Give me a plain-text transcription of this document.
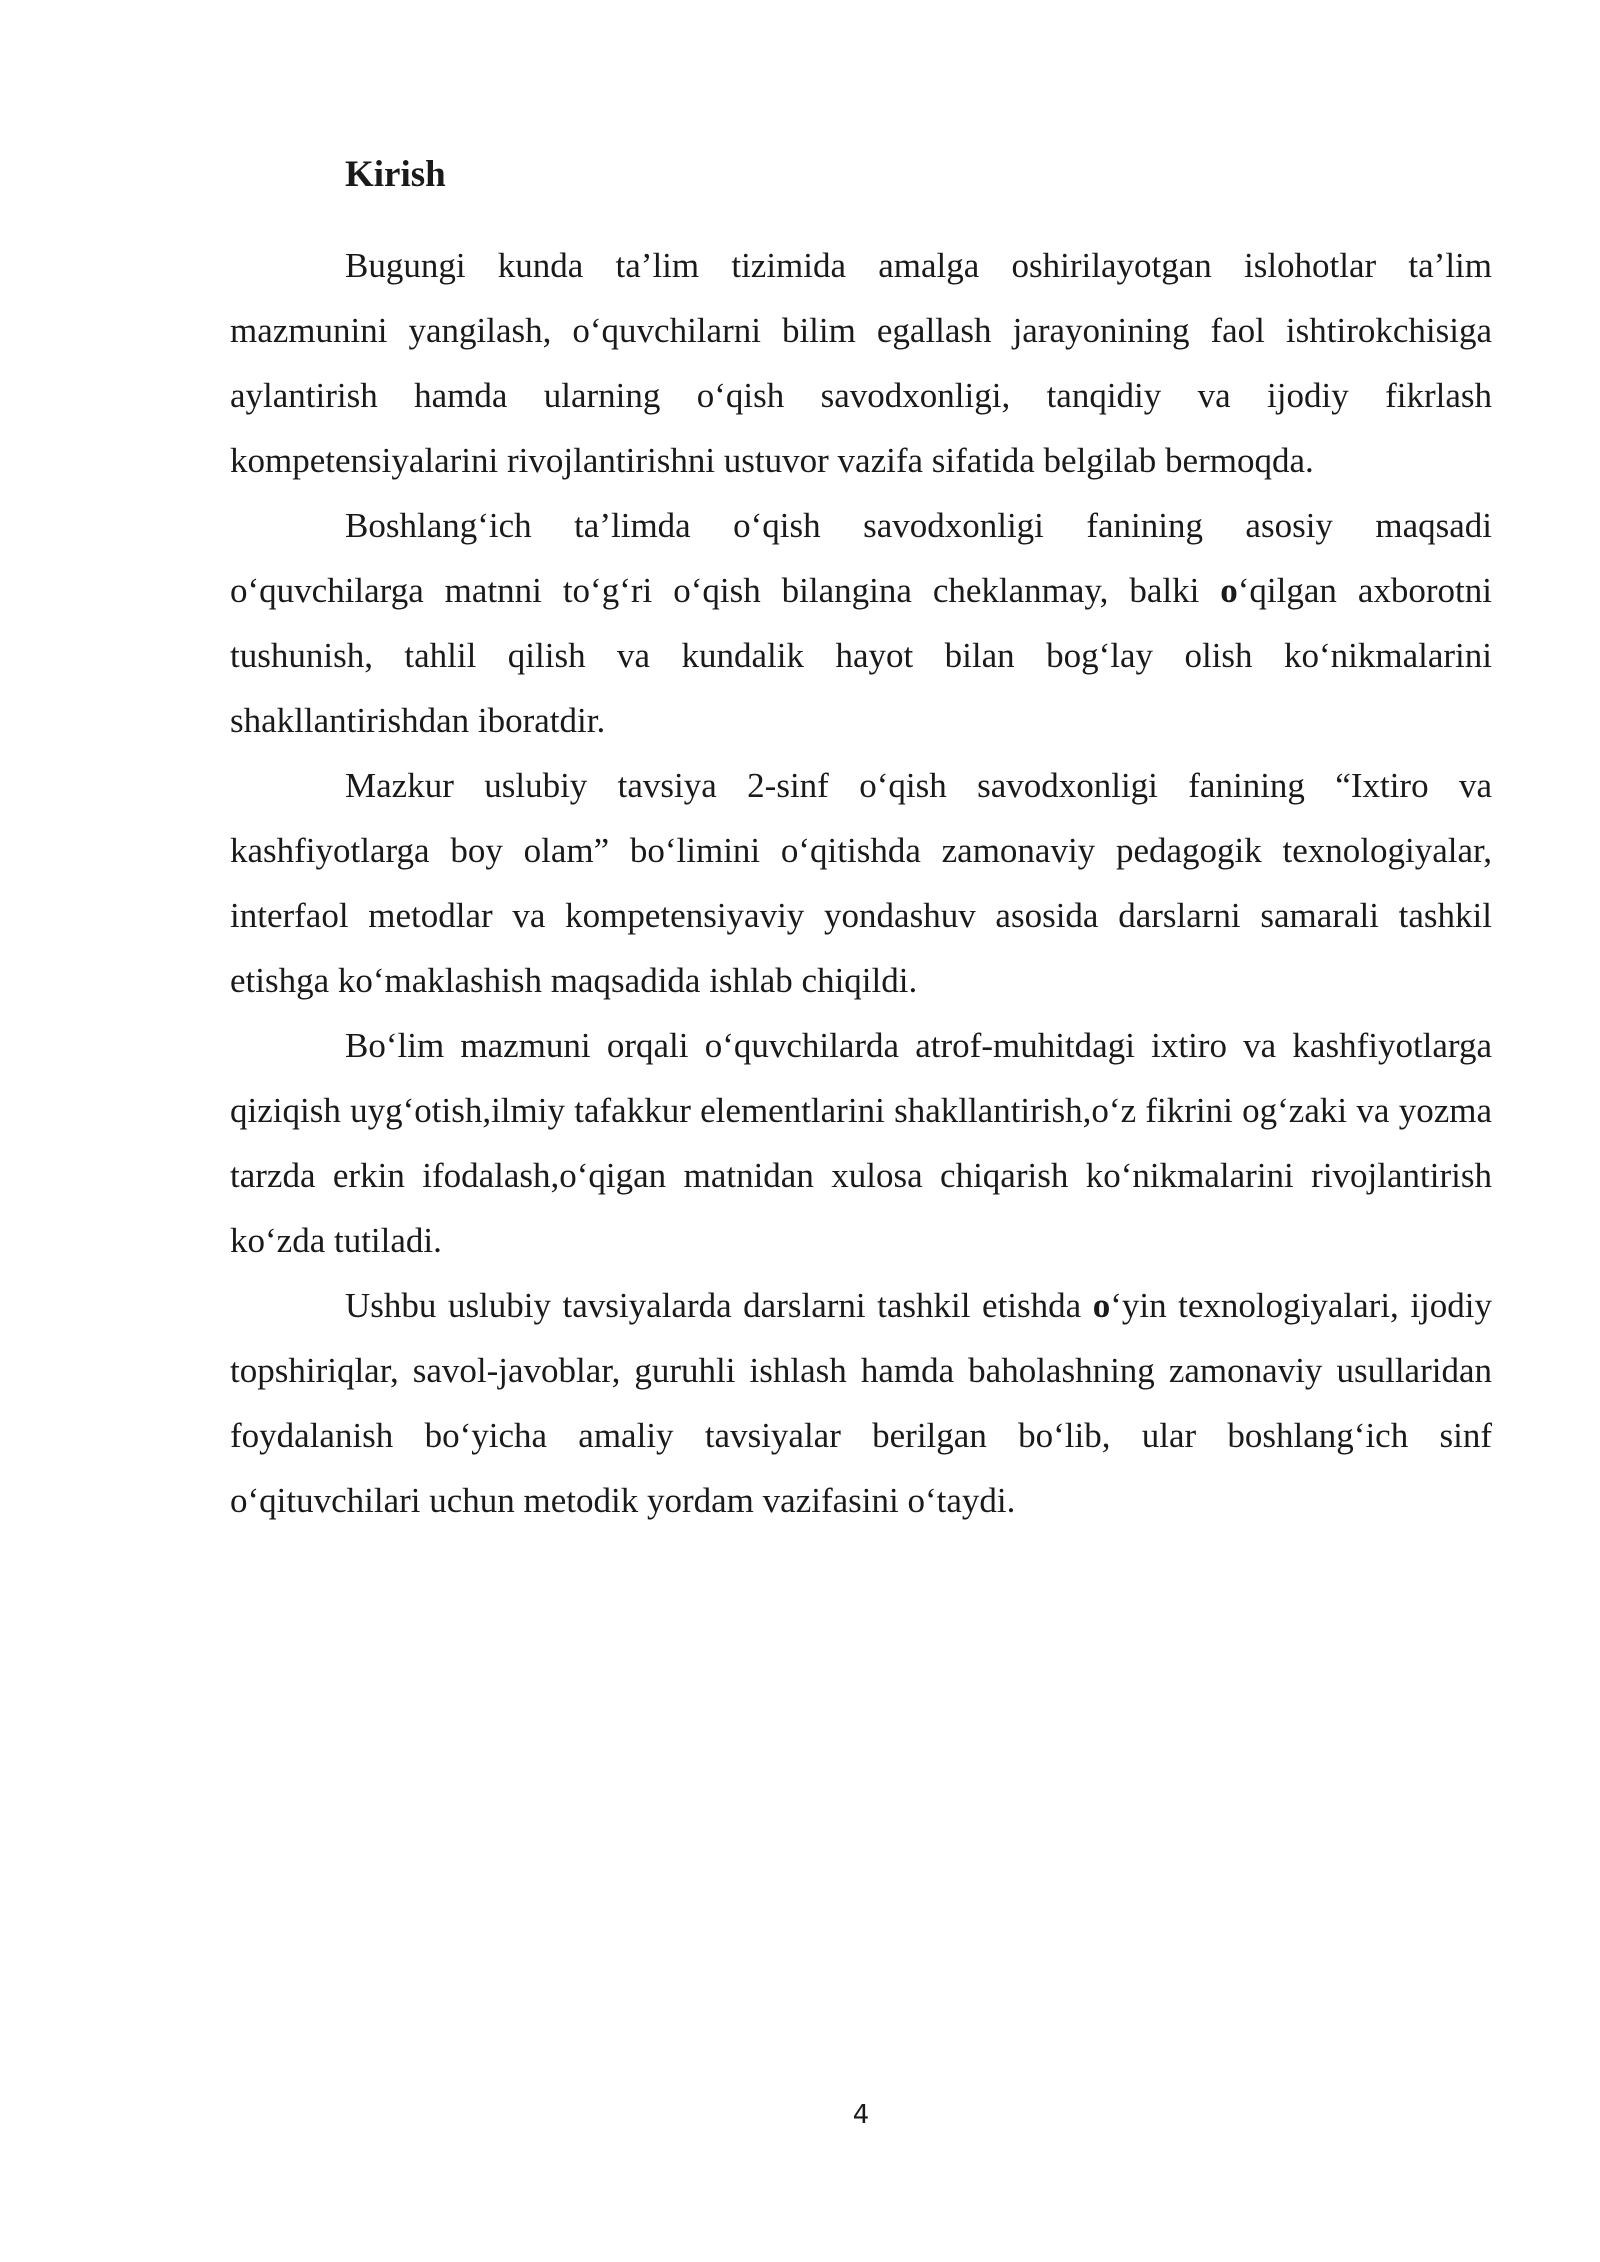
Kirish

Bugungi kunda ta’lim tizimida amalga oshirilayotgan islohotlar ta’lim mazmunini yangilash, o‘quvchilarni bilim egallash jarayonining faol ishtirokchisiga aylantirish hamda ularning o‘qish savodxonligi, tanqidiy va ijodiy fikrlash kompetensiyalarini rivojlantirishni ustuvor vazifa sifatida belgilab bermoqda.

Boshlang‘ich ta’limda o‘qish savodxonligi fanining asosiy maqsadi o‘quvchilarga matnni to‘g‘ri o‘qish bilangina cheklanmay, balki o‘qilgan axborotni tushunish, tahlil qilish va kundalik hayot bilan bog‘lay olish ko‘nikmalarini shakllantirishdan iboratdir.

Mazkur uslubiy tavsiya 2-sinf o‘qish savodxonligi fanining “Ixtiro va kashfiyotlarga boy olam” bo‘limini o‘qitishda zamonaviy pedagogik texnologiyalar, interfaol metodlar va kompetensiyaviy yondashuv asosida darslarni samarali tashkil etishga ko‘maklashish maqsadida ishlab chiqildi.

Bo‘lim mazmuni orqali o‘quvchilarda atrof-muhitdagi ixtiro va kashfiyotlarga qiziqish uyg‘otish,ilmiy tafakkur elementlarini shakllantirish,o‘z fikrini og‘zaki va yozma tarzda erkin ifodalash,o‘qigan matnidan xulosa chiqarish ko‘nikmalarini rivojlantirish ko‘zda tutiladi.

Ushbu uslubiy tavsiyalarda darslarni tashkil etishda o‘yin texnologiyalari, ijodiy topshiriqlar, savol-javoblar, guruhli ishlash hamda baholashning zamonaviy usullaridan foydalanish bo‘yicha amaliy tavsiyalar berilgan bo‘lib, ular boshlang‘ich sinf o‘qituvchilari uchun metodik yordam vazifasini o‘taydi.

4
